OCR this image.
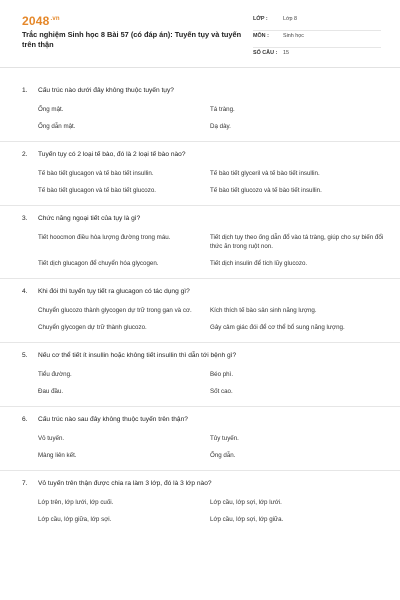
$2048^{.vn}$
Trắc nghiệm Sinh học 8 Bài 57 (có đáp án): Tuyến tụy và tuyến trên thận
LỚP :	Lớp 8
MÔN :	Sinh học
SỐ CÂU :	15
1.	Cấu trúc nào dưới đây không thuộc tuyến tụy?
Ống mật.	Tá tràng.
Ống dẫn mật.	Dạ dày.
2.	Tuyến tụy có 2 loại tế bào, đó là 2 loại tế bào nào?
Tế bào tiết glucagon và tế bào tiết insullin.	Tế bào tiết glyceril và tế bào tiết insullin.
Tế bào tiết glucagon và tế bào tiết glucozo.	Tế bào tiết glucozo và tế bào tiết insullin.
3.	Chức năng ngoại tiết của tụy là gì?
Tiết hoocmon điều hòa lượng đường trong máu.	Tiết dịch tụy theo ống dẫn đổ vào tá tràng, giúp cho sự biến đổi thức ăn trong ruột non.
Tiết dịch glucagon để chuyển hóa glycogen.	Tiết dịch insulin để tích lũy glucozo.
4.	Khi đói thì tuyến tụy tiết ra glucagon có tác dụng gì?
Chuyển glucozo thành glycogen dự trữ trong gan và cơ.	Kích thích tế bào sản sinh năng lượng.
Chuyển glycogen dự trữ thành glucozo.	Gây cảm giác đói để cơ thể bổ sung năng lượng.
5.	Nếu cơ thể tiết ít insullin hoặc không tiết insullin thì dẫn tới bệnh gì?
Tiểu đường.	Béo phì.
Đau đầu.	Sốt cao.
6.	Cấu trúc nào sau đây không thuộc tuyến trên thận?
Vỏ tuyến.	Tủy tuyến.
Màng liên kết.	Ống dẫn.
7.	Vỏ tuyến trên thận được chia ra làm 3 lớp, đó là 3 lớp nào?
Lớp trên, lớp lưới, lớp cuối.	Lớp cầu, lớp sợi, lớp lưới.
Lớp cầu, lớp giữa, lớp sợi.	Lớp cầu, lớp sợi, lớp giữa.
